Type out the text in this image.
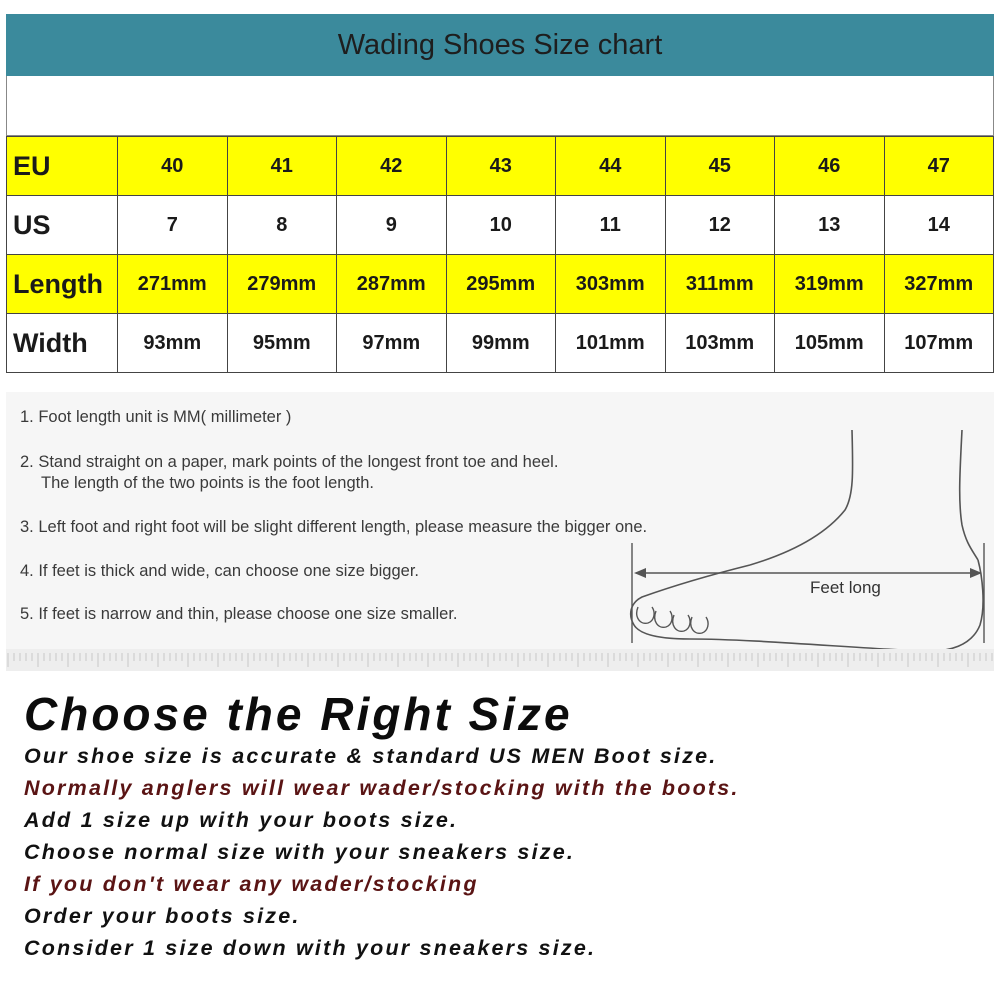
Wading Shoes Size chart
EU	40	41	42	43	44	45	46	47
US	7	8	9	10	11	12	13	14
Length	271mm	279mm	287mm	295mm	303mm	311mm	319mm	327mm
Width	93mm	95mm	97mm	99mm	101mm	103mm	105mm	107mm
1. Foot length unit is MM( millimeter )
2. Stand straight on a paper, mark points of the longest front toe and heel.
The length of the two points is the foot length.
3. Left foot and right foot will be slight different length, please measure the bigger one.
4. If feet is thick and wide, can choose one size bigger.
5. If feet is narrow and thin, please choose one size smaller.
Feet long
Choose the Right Size
Our shoe size is accurate & standard US MEN Boot size.
Normally anglers will wear wader/stocking with the boots.
Add 1 size up with your boots size.
Choose normal size with your sneakers size.
If you don't wear any wader/stocking
Order your boots size.
Consider 1 size down with your sneakers size.
